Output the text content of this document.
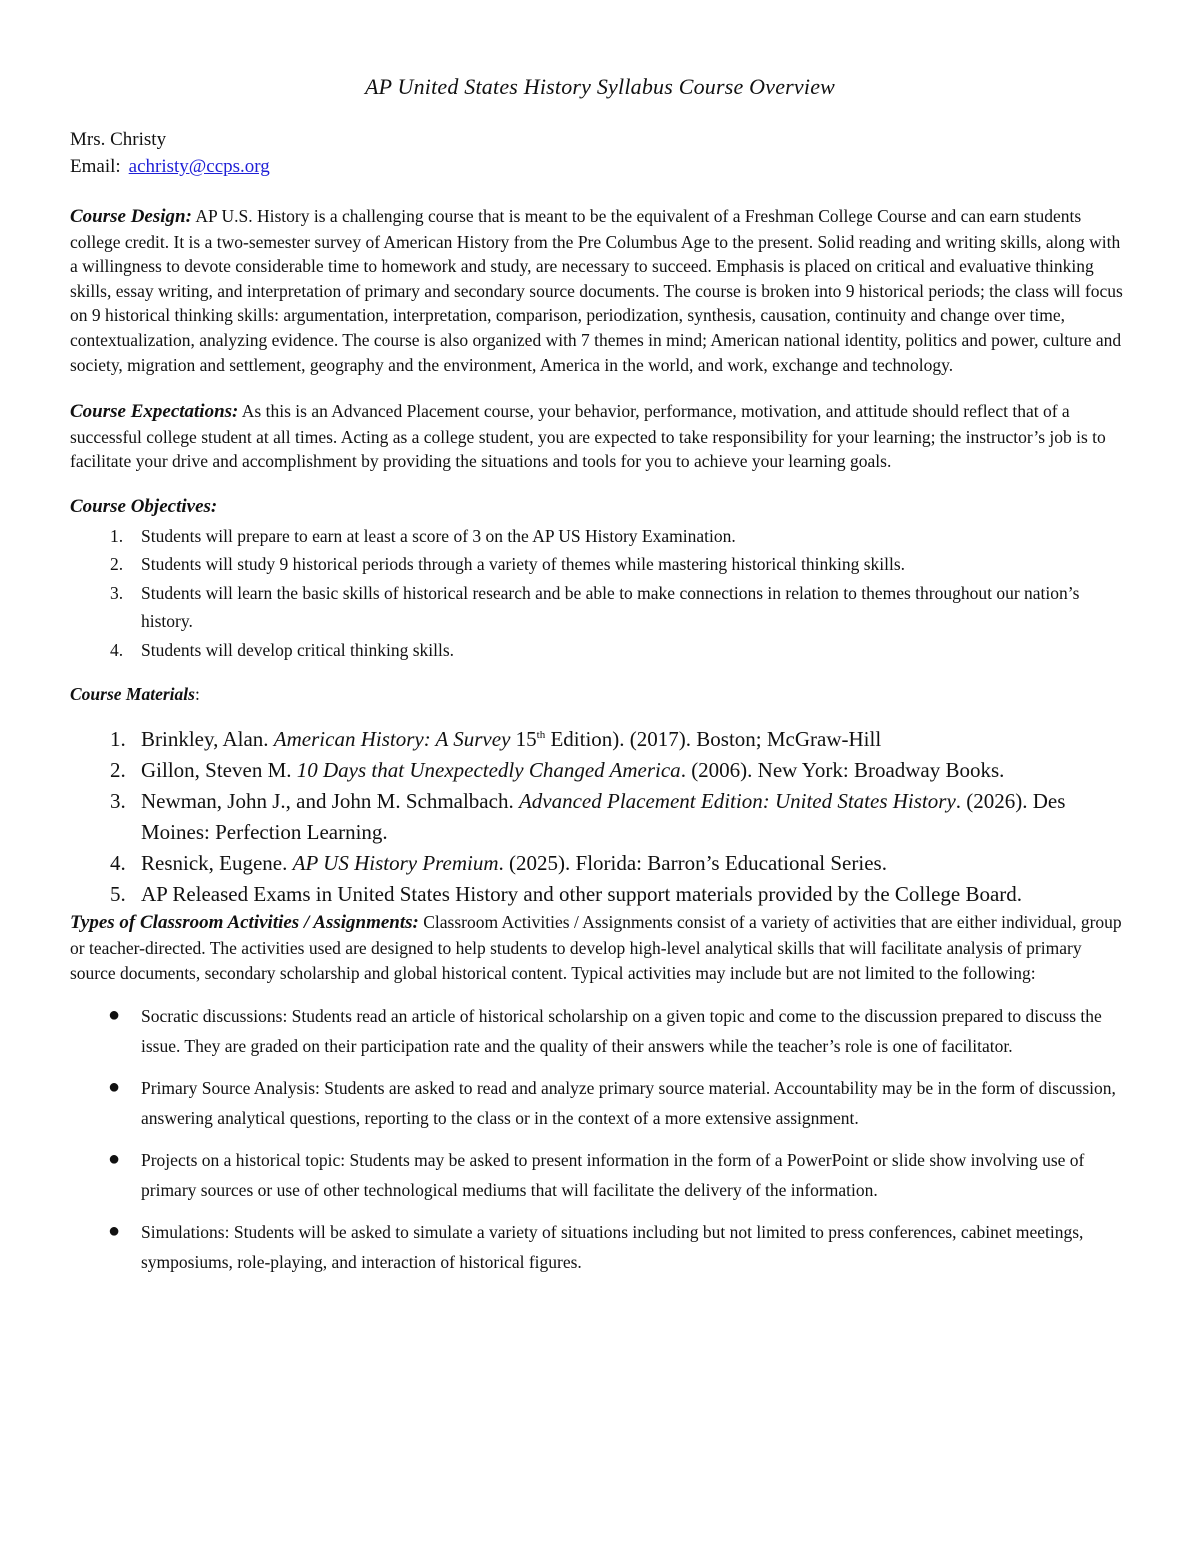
AP United States History Syllabus Course Overview
Mrs. Christy
Email: achristy@ccps.org

Course Design: AP U.S. History is a challenging course that is meant to be the equivalent of a Freshman College Course and can earn students college credit. It is a two-semester survey of American History from the Pre Columbus Age to the present. Solid reading and writing skills, along with a willingness to devote considerable time to homework and study, are necessary to succeed. Emphasis is placed on critical and evaluative thinking skills, essay writing, and interpretation of primary and secondary source documents. The course is broken into 9 historical periods; the class will focus on 9 historical thinking skills: argumentation, interpretation, comparison, periodization, synthesis, causation, continuity and change over time, contextualization, analyzing evidence. The course is also organized with 7 themes in mind; American national identity, politics and power, culture and society, migration and settlement, geography and the environment, America in the world, and work, exchange and technology.

Course Expectations: As this is an Advanced Placement course, your behavior, performance, motivation, and attitude should reflect that of a successful college student at all times. Acting as a college student, you are expected to take responsibility for your learning; the instructor’s job is to facilitate your drive and accomplishment by providing the situations and tools for you to achieve your learning goals.

Course Objectives:
1.	Students will prepare to earn at least a score of 3 on the AP US History Examination.
2.	Students will study 9 historical periods through a variety of themes while mastering historical thinking skills.
3.	Students will learn the basic skills of historical research and be able to make connections in relation to themes throughout our nation’s history.
4.	Students will develop critical thinking skills.
Course Materials:
1. Brinkley, Alan. American History: A Survey 15th Edition). (2017). Boston; McGraw-Hill
2. Gillon, Steven M. 10 Days that Unexpectedly Changed America. (2006). New York: Broadway Books.
3. Newman, John J., and John M. Schmalbach. Advanced Placement Edition: United States History. (2026). Des Moines: Perfection Learning.
4. Resnick, Eugene. AP US History Premium. (2025). Florida: Barron’s Educational Series.
5. AP Released Exams in United States History and other support materials provided by the College Board.

Types of Classroom Activities / Assignments: Classroom Activities / Assignments consist of a variety of activities that are either individual, group or teacher-directed. The activities used are designed to help students to develop high-level analytical skills that will facilitate analysis of primary source documents, secondary scholarship and global historical content. Typical activities may include but are not limited to the following:

●	Socratic discussions: Students read an article of historical scholarship on a given topic and come to the discussion prepared to discuss the issue. They are graded on their participation rate and the quality of their answers while the teacher’s role is one of facilitator.
●	Primary Source Analysis: Students are asked to read and analyze primary source material. Accountability may be in the form of discussion, answering analytical questions, reporting to the class or in the context of a more extensive assignment.
●	Projects on a historical topic: Students may be asked to present information in the form of a PowerPoint or slide show involving use of primary sources or use of other technological mediums that will facilitate the delivery of the information.
●	Simulations: Students will be asked to simulate a variety of situations including but not limited to press conferences, cabinet meetings, symposiums, role-playing, and interaction of historical figures.
